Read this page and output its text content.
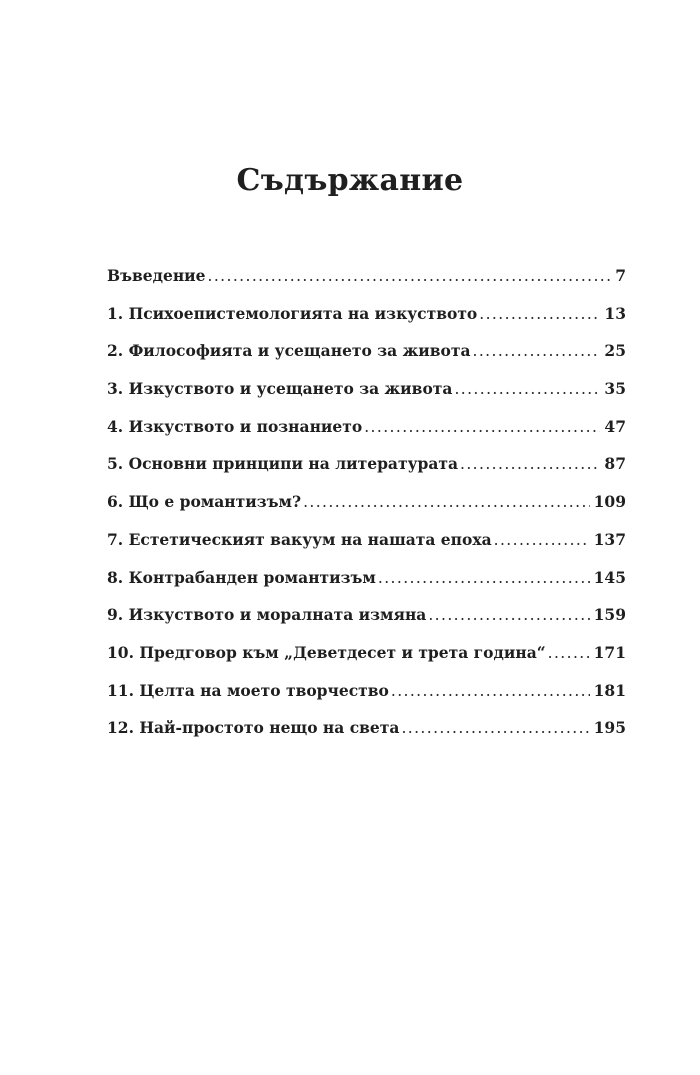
Съдържание
Въведение .....	7
1. Психоепистемологията на изкуството .....	13
2. Философията и усещането за живота .....	25
3. Изкуството и усещането за живота .....	35
4. Изкуството и познанието .....	47
5. Основни принципи на литературата .....	87
6. Що е романтизъм? .....	109
7. Естетическият вакуум на нашата епоха .....	137
8. Контрабанден романтизъм .....	145
9. Изкуството и моралната измяна .....	159
10. Предговор към „Деветдесет и трета година“ .....	171
11. Целта на моето творчество .....	181
12. Най-простото нещо на света .....	195
